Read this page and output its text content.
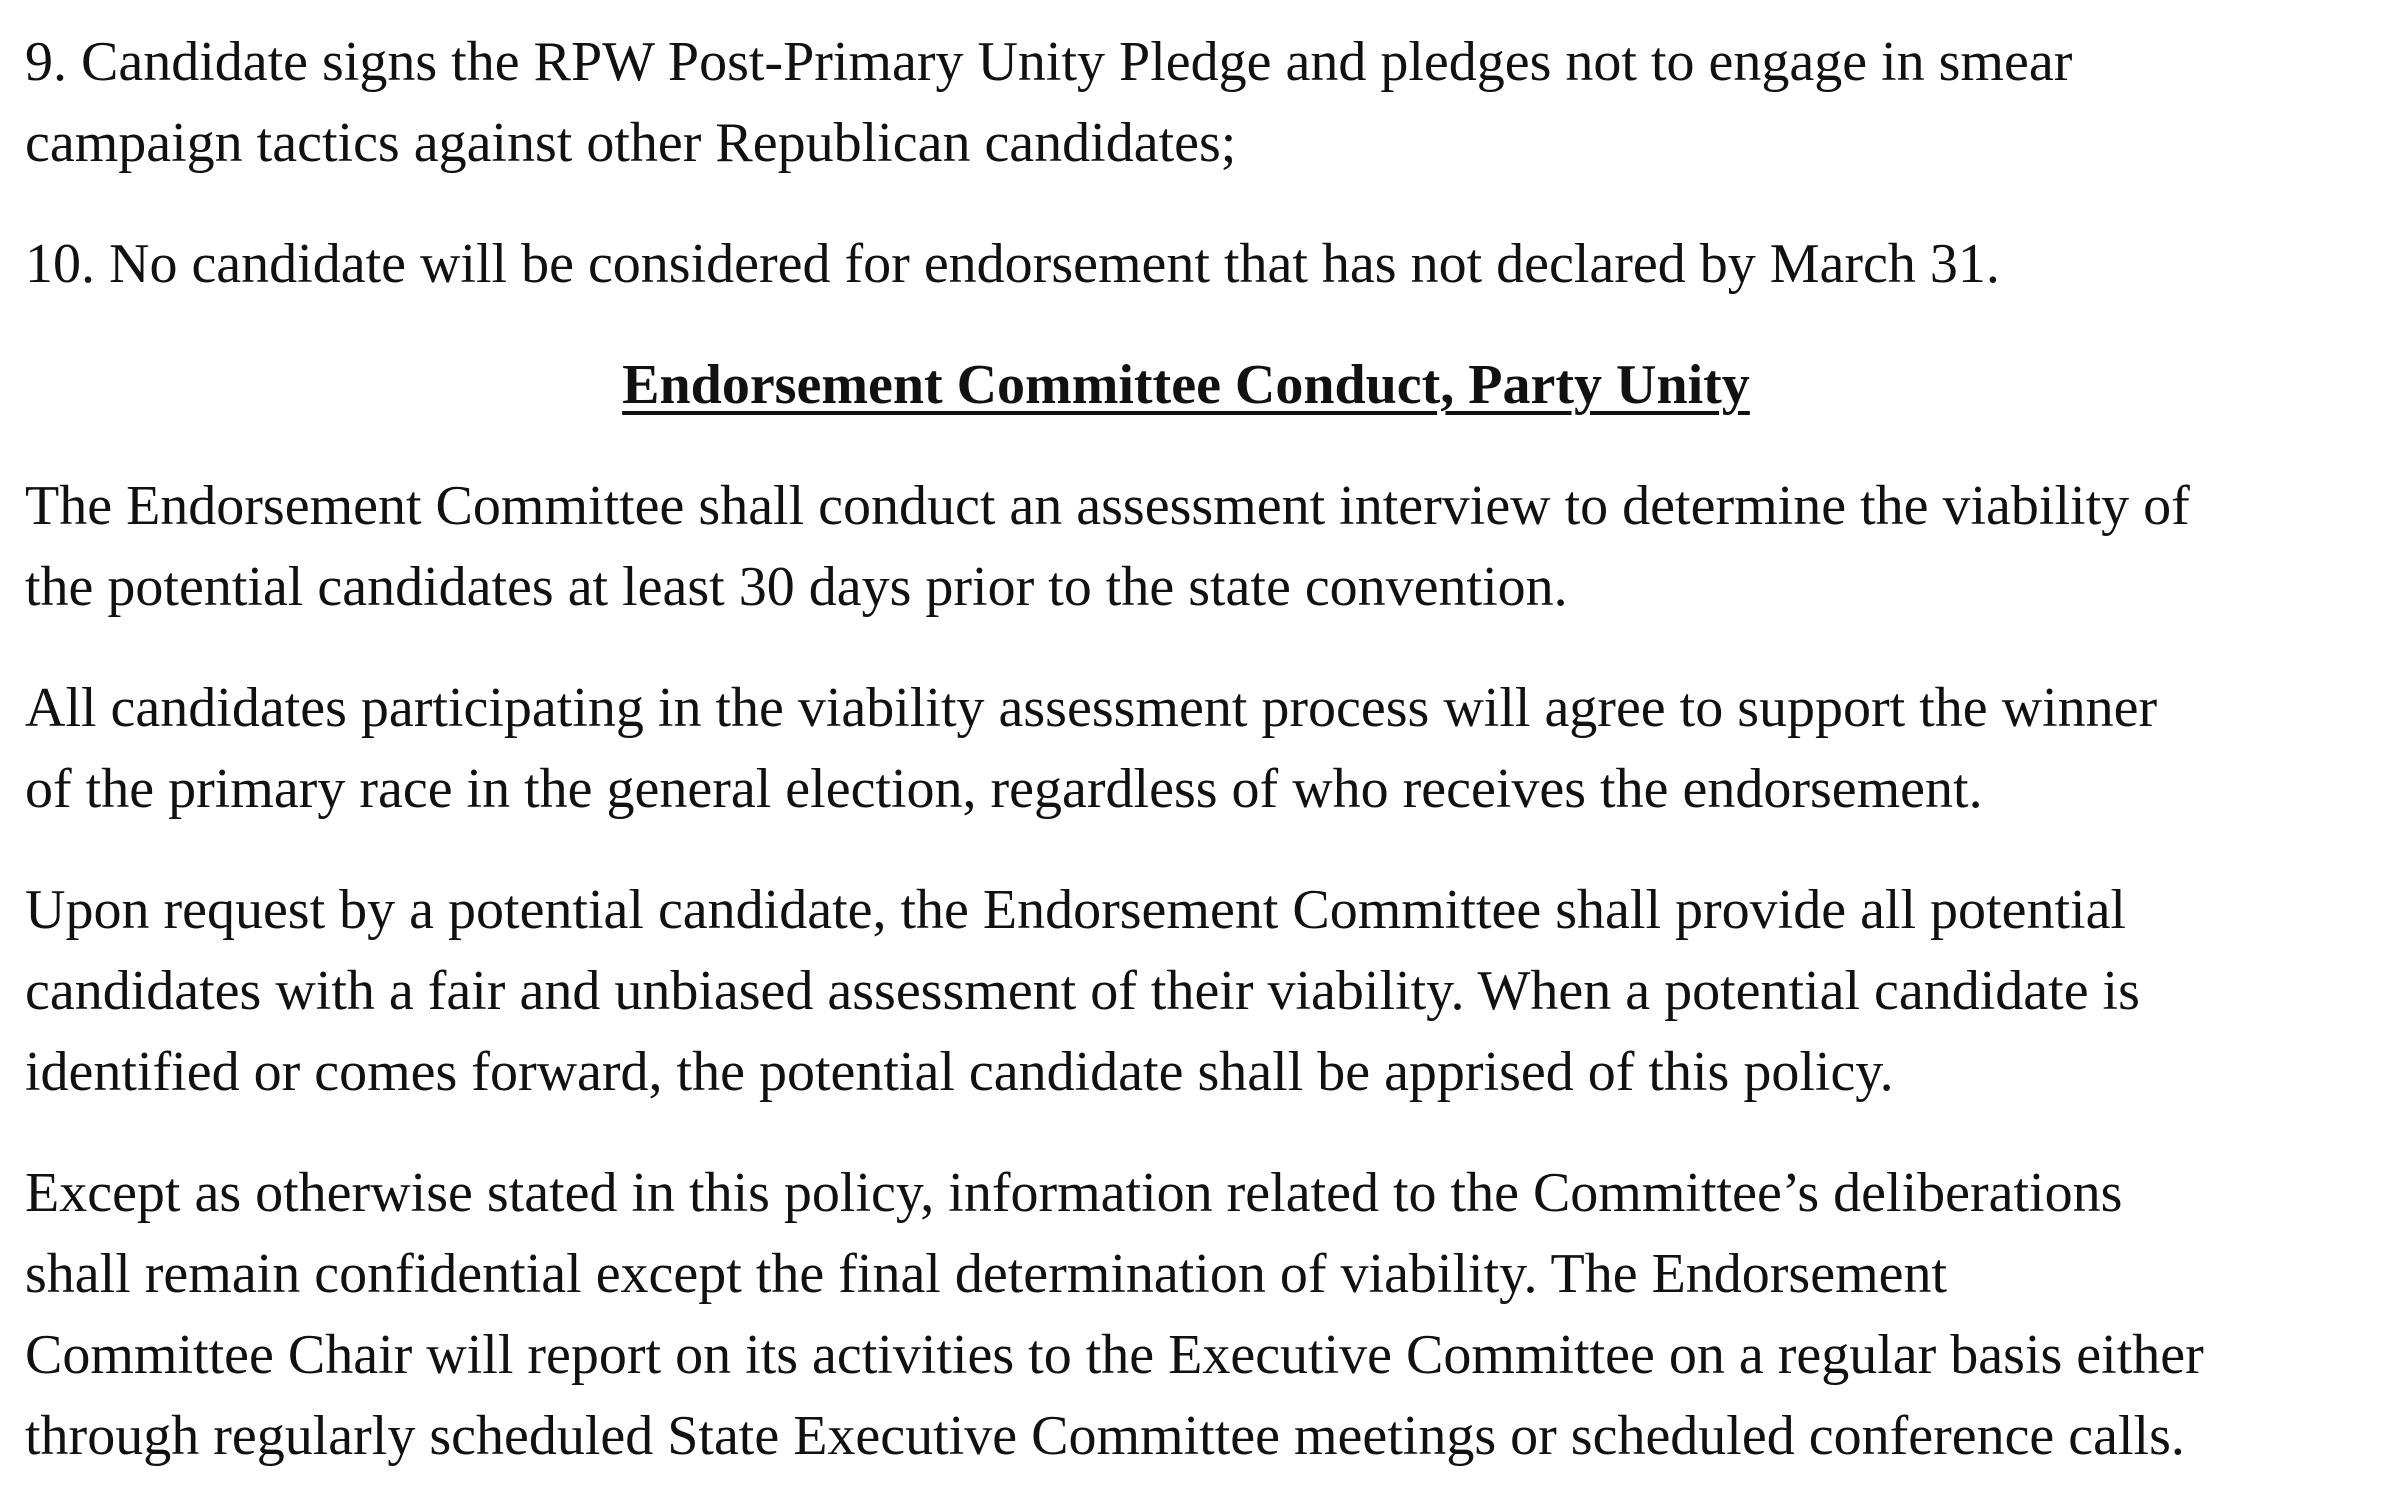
9. Candidate signs the RPW Post-Primary Unity Pledge and pledges not to engage in smear
campaign tactics against other Republican candidates;

10. No candidate will be considered for endorsement that has not declared by March 31.

Endorsement Committee Conduct, Party Unity

The Endorsement Committee shall conduct an assessment interview to determine the viability of
the potential candidates at least 30 days prior to the state convention.

All candidates participating in the viability assessment process will agree to support the winner
of the primary race in the general election, regardless of who receives the endorsement.

Upon request by a potential candidate, the Endorsement Committee shall provide all potential
candidates with a fair and unbiased assessment of their viability. When a potential candidate is
identified or comes forward, the potential candidate shall be apprised of this policy.

Except as otherwise stated in this policy, information related to the Committee’s deliberations
shall remain confidential except the final determination of viability. The Endorsement
Committee Chair will report on its activities to the Executive Committee on a regular basis either
through regularly scheduled State Executive Committee meetings or scheduled conference calls.
